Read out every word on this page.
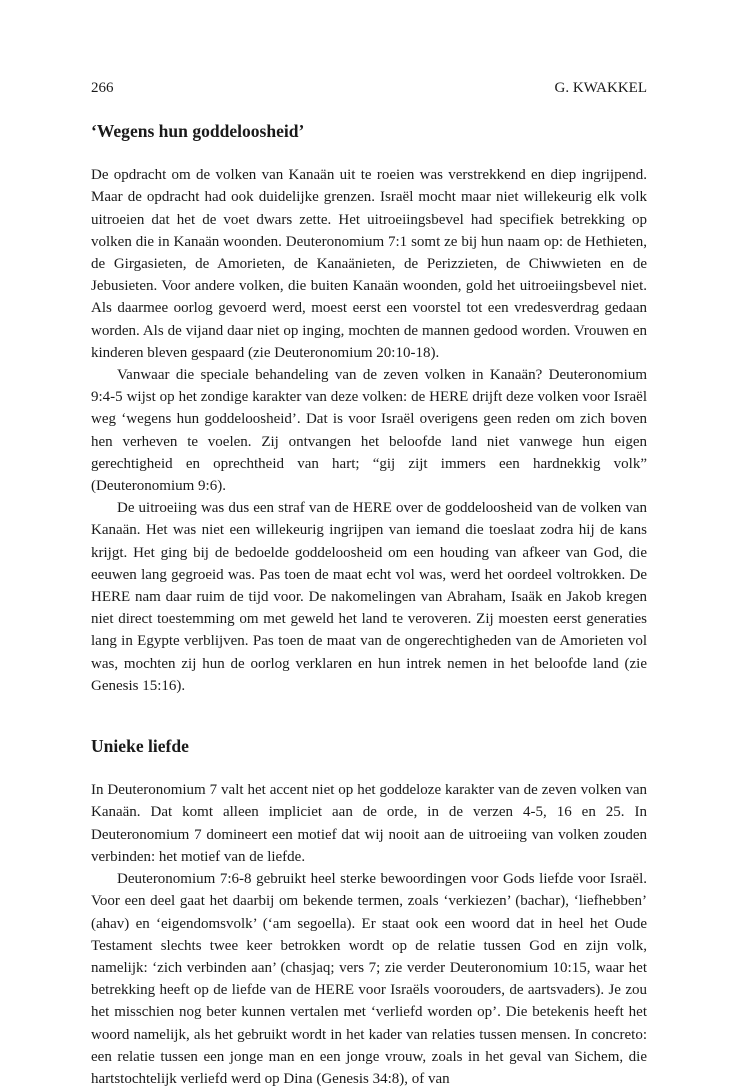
266	G. KWAKKEL
‘Wegens hun goddeloosheid’

De opdracht om de volken van Kanaän uit te roeien was verstrekkend en diep ingrijpend. Maar de opdracht had ook duidelijke grenzen. Israël mocht maar niet willekeurig elk volk uitroeien dat het de voet dwars zette. Het uitroeiingsbevel had specifiek betrekking op volken die in Kanaän woonden. Deuteronomium 7:1 somt ze bij hun naam op: de Hethieten, de Girgasieten, de Amorieten, de Kanaänieten, de Perizzieten, de Chiwwieten en de Jebusieten. Voor andere volken, die buiten Kanaän woonden, gold het uitroeiingsbevel niet. Als daarmee oorlog gevoerd werd, moest eerst een voorstel tot een vredesverdrag gedaan worden. Als de vijand daar niet op inging, mochten de mannen gedood worden. Vrouwen en kinderen bleven gespaard (zie Deuteronomium 20:10-18).

Vanwaar die speciale behandeling van de zeven volken in Kanaän? Deuteronomium 9:4-5 wijst op het zondige karakter van deze volken: de HERE drijft deze volken voor Israël weg ‘wegens hun goddeloosheid’. Dat is voor Israël overigens geen reden om zich boven hen verheven te voelen. Zij ontvangen het beloofde land niet vanwege hun eigen gerechtigheid en oprechtheid van hart; “gij zijt immers een hardnekkig volk” (Deuteronomium 9:6).

De uitroeiing was dus een straf van de HERE over de goddeloosheid van de volken van Kanaän. Het was niet een willekeurig ingrijpen van iemand die toeslaat zodra hij de kans krijgt. Het ging bij de bedoelde goddeloosheid om een houding van afkeer van God, die eeuwen lang gegroeid was. Pas toen de maat echt vol was, werd het oordeel voltrokken. De HERE nam daar ruim de tijd voor. De nakomelingen van Abraham, Isaäk en Jakob kregen niet direct toestemming om met geweld het land te veroveren. Zij moesten eerst generaties lang in Egypte verblijven. Pas toen de maat van de ongerechtigheden van de Amorieten vol was, mochten zij hun de oorlog verklaren en hun intrek nemen in het beloofde land (zie Genesis 15:16).

Unieke liefde

In Deuteronomium 7 valt het accent niet op het goddeloze karakter van de zeven volken van Kanaän. Dat komt alleen impliciet aan de orde, in de verzen 4-5, 16 en 25. In Deuteronomium 7 domineert een motief dat wij nooit aan de uitroeiing van volken zouden verbinden: het motief van de liefde.

Deuteronomium 7:6-8 gebruikt heel sterke bewoordingen voor Gods liefde voor Israël. Voor een deel gaat het daarbij om bekende termen, zoals ‘verkiezen’ (bachar), ‘liefhebben’ (ahav) en ‘eigendomsvolk’ (‘am segoella). Er staat ook een woord dat in heel het Oude Testament slechts twee keer betrokken wordt op de relatie tussen God en zijn volk, namelijk: ‘zich verbinden aan’ (chasjaq; vers 7; zie verder Deuteronomium 10:15, waar het betrekking heeft op de liefde van de HERE voor Israëls voorouders, de aartsvaders). Je zou het misschien nog beter kunnen vertalen met ‘verliefd worden op’. Die betekenis heeft het woord namelijk, als het gebruikt wordt in het kader van relaties tussen mensen. In concreto: een relatie tussen een jonge man en een jonge vrouw, zoals in het geval van Sichem, die hartstochtelijk verliefd werd op Dina (Genesis 34:8), of van
